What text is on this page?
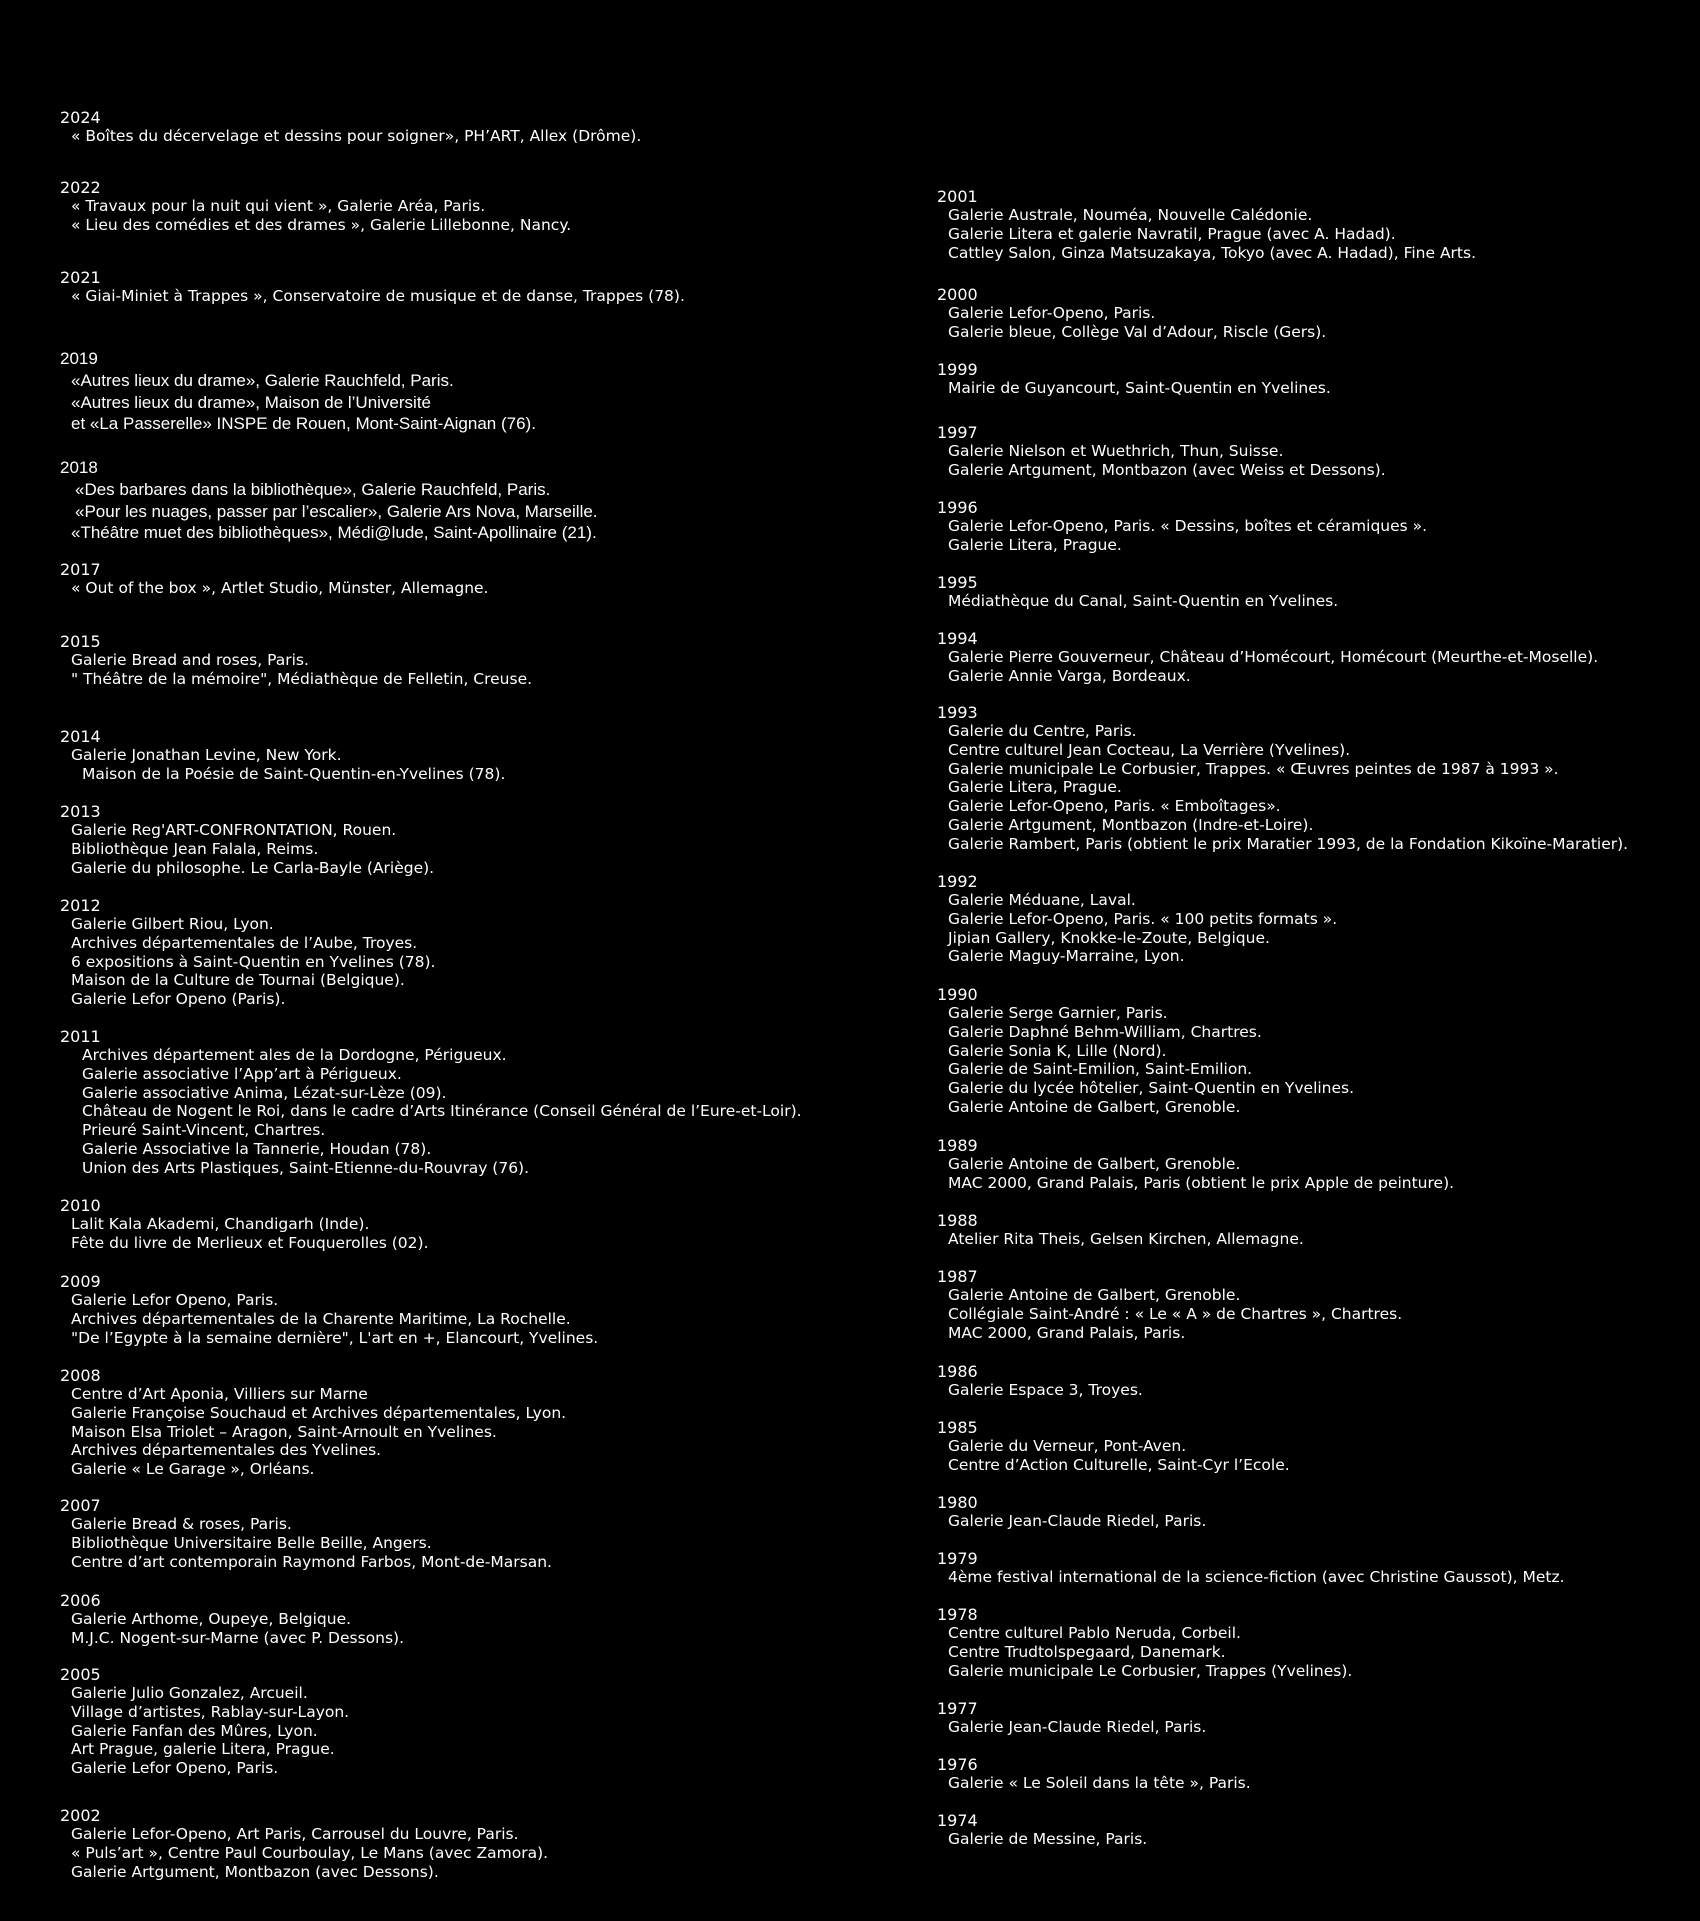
2024

« Boîtes du décervelage et dessins pour soigner», PH’ART, Allex (Drôme).

2022

« Travaux pour la nuit qui vient », Galerie Aréa, Paris.

« Lieu des comédies et des drames », Galerie Lillebonne, Nancy.

2021

« Giai-Miniet à Trappes », Conservatoire de musique et de danse, Trappes (78).

2019

«Autres lieux du drame», Galerie Rauchfeld, Paris.

«Autres lieux du drame», Maison de l’Université

et «La Passerelle» INSPE de Rouen, Mont-Saint-Aignan (76).

2018

«Des barbares dans la bibliothèque», Galerie Rauchfeld, Paris.

«Pour les nuages, passer par l’escalier», Galerie Ars Nova, Marseille.

«Théâtre muet des bibliothèques», Médi@lude, Saint-Apollinaire (21).

2017

« Out of the box », Artlet Studio, Münster, Allemagne.

2015

Galerie Bread and roses, Paris.

" Théâtre de la mémoire", Médiathèque de Felletin, Creuse.

2014

Galerie Jonathan Levine, New York.

Maison de la Poésie de Saint-Quentin-en-Yvelines (78).

2013

Galerie Reg'ART-CONFRONTATION, Rouen.

Bibliothèque Jean Falala, Reims.

Galerie du philosophe. Le Carla-Bayle (Ariège).

2012

Galerie Gilbert Riou, Lyon.

Archives départementales de l’Aube, Troyes.

6 expositions à Saint-Quentin en Yvelines (78).

Maison de la Culture de Tournai (Belgique).

Galerie Lefor Openo (Paris).

2011

Archives département ales de la Dordogne, Périgueux.

Galerie associative l’App’art à Périgueux.

Galerie associative Anima, Lézat-sur-Lèze (09).

Château de Nogent le Roi, dans le cadre d’Arts Itinérance (Conseil Général de l’Eure-et-Loir).

Prieuré Saint-Vincent, Chartres.

Galerie Associative la Tannerie, Houdan (78).

Union des Arts Plastiques, Saint-Etienne-du-Rouvray (76).

2010

Lalit Kala Akademi, Chandigarh (Inde).

Fête du livre de Merlieux et Fouquerolles (02).

2009

Galerie Lefor Openo, Paris.

Archives départementales de la Charente Maritime, La Rochelle.

"De l’Egypte à la semaine dernière", L'art en +, Elancourt, Yvelines.

2008

Centre d’Art Aponia, Villiers sur Marne

Galerie Françoise Souchaud et Archives départementales, Lyon.

Maison Elsa Triolet – Aragon, Saint-Arnoult en Yvelines.

Archives départementales des Yvelines.

Galerie « Le Garage », Orléans.

2007

Galerie Bread & roses, Paris.

Bibliothèque Universitaire Belle Beille, Angers.

Centre d’art contemporain Raymond Farbos, Mont-de-Marsan.

2006

Galerie Arthome, Oupeye, Belgique.

M.J.C. Nogent-sur-Marne (avec P. Dessons).

2005

Galerie Julio Gonzalez, Arcueil.

Village d’artistes, Rablay-sur-Layon.

Galerie Fanfan des Mûres, Lyon.

Art Prague, galerie Litera, Prague.

Galerie Lefor Openo, Paris.

2002

Galerie Lefor-Openo, Art Paris, Carrousel du Louvre, Paris.

« Puls’art », Centre Paul Courboulay, Le Mans (avec Zamora).

Galerie Artgument, Montbazon (avec Dessons).

2001

Galerie Australe, Nouméa, Nouvelle Calédonie.

Galerie Litera et galerie Navratil, Prague (avec A. Hadad).

Cattley Salon, Ginza Matsuzakaya, Tokyo (avec A. Hadad), Fine Arts.

2000

Galerie Lefor-Openo, Paris.

Galerie bleue, Collège Val d’Adour, Riscle (Gers).

1999

Mairie de Guyancourt, Saint-Quentin en Yvelines.

1997

Galerie Nielson et Wuethrich, Thun, Suisse.

Galerie Artgument, Montbazon (avec Weiss et Dessons).

1996

Galerie Lefor-Openo, Paris. « Dessins, boîtes et céramiques ».

Galerie Litera, Prague.

1995

Médiathèque du Canal, Saint-Quentin en Yvelines.

1994

Galerie Pierre Gouverneur, Château d’Homécourt, Homécourt (Meurthe-et-Moselle).

Galerie Annie Varga, Bordeaux.

1993

Galerie du Centre, Paris.

Centre culturel Jean Cocteau, La Verrière (Yvelines).

Galerie municipale Le Corbusier, Trappes. « Œuvres peintes de 1987 à 1993 ».

Galerie Litera, Prague.

Galerie Lefor-Openo, Paris. « Emboîtages».

Galerie Artgument, Montbazon (Indre-et-Loire).

Galerie Rambert, Paris (obtient le prix Maratier 1993, de la Fondation Kikoïne-Maratier).

1992

Galerie Méduane, Laval.

Galerie Lefor-Openo, Paris. « 100 petits formats ».

Jipian Gallery, Knokke-le-Zoute, Belgique.

Galerie Maguy-Marraine, Lyon.

1990

Galerie Serge Garnier, Paris.

Galerie Daphné Behm-William, Chartres.

Galerie Sonia K, Lille (Nord).

Galerie de Saint-Emilion, Saint-Emilion.

Galerie du lycée hôtelier, Saint-Quentin en Yvelines.

Galerie Antoine de Galbert, Grenoble.

1989

Galerie Antoine de Galbert, Grenoble.

MAC 2000, Grand Palais, Paris (obtient le prix Apple de peinture).

1988

Atelier Rita Theis, Gelsen Kirchen, Allemagne.

1987

Galerie Antoine de Galbert, Grenoble.

Collégiale Saint-André : « Le « A » de Chartres », Chartres.

MAC 2000, Grand Palais, Paris.

1986

Galerie Espace 3, Troyes.

1985

Galerie du Verneur, Pont-Aven.

Centre d’Action Culturelle, Saint-Cyr l’Ecole.

1980

Galerie Jean-Claude Riedel, Paris.

1979

4ème festival international de la science-fiction (avec Christine Gaussot), Metz.

1978

Centre culturel Pablo Neruda, Corbeil.

Centre Trudtolspegaard, Danemark.

Galerie municipale Le Corbusier, Trappes (Yvelines).

1977

Galerie Jean-Claude Riedel, Paris.

1976

Galerie « Le Soleil dans la tête », Paris.

1974

Galerie de Messine, Paris.
